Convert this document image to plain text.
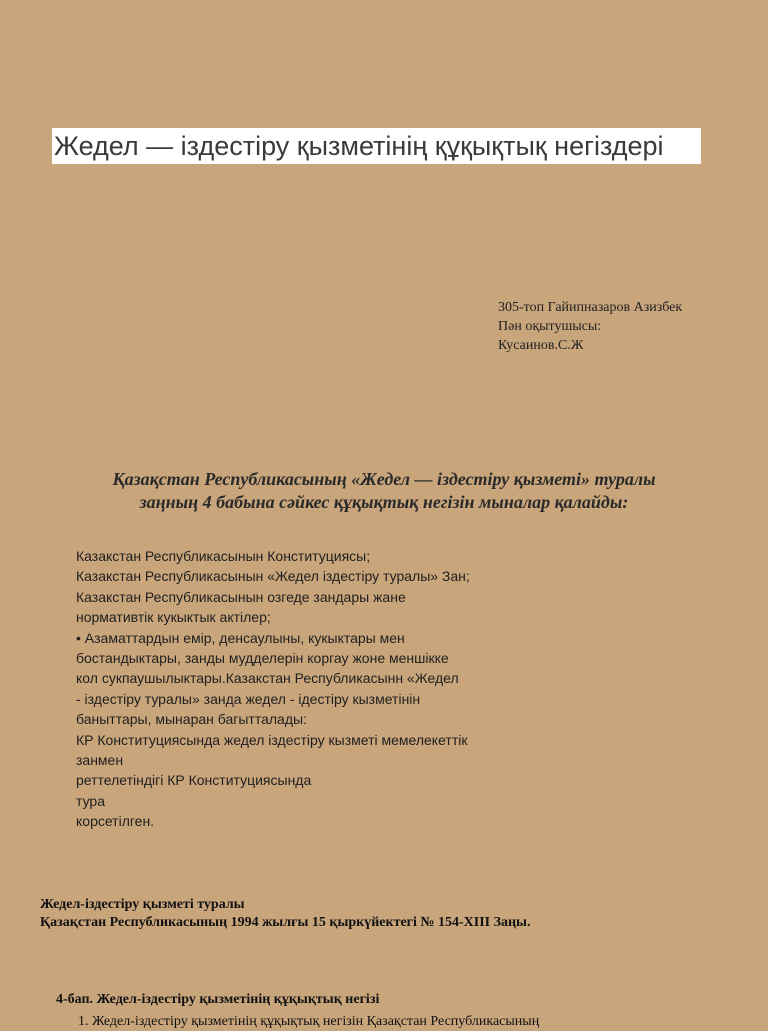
Жедел — іздестіру қызметінің құқықтық негіздері
305-топ Гайипназаров Азизбек
Пән оқытушысы:
Кусаинов.С.Ж
Қазақстан Республикасының «Жедел — іздестіру қызметі» туралы
заңның 4 бабына сәйкес құқықтық негізін мыналар қалайды:
Казакстан Республикасынын Конституциясы;
Казакстан Республикасынын «Жедел іздестіру туралы» Зан;
Казакстан Республикасынын озгеде зандары жане
нормативтік кукыктык актілер;
• Азаматтардын емір, денсаулыны, кукыктары мен
бостандыктары, занды мудделерін коргау жоне меншікке
кол сукпаушылыктары.Казакстан Республикасынн «Жедел
- іздестіру туралы» занда жедел - ідестіру кызметінін
баныттары, мынаран багытталады:
КР Конституциясында жедел іздестіру кызметі мемелекеттік
занмен
реттелетіндігі КР Конституциясында
тура
корсетілген.
Жедел-іздестіру қызметі туралы
Қазақстан Республикасының 1994 жылғы 15 қыркүйектегі № 154-XIII Заңы.
4-бап. Жедел-іздестіру қызметінің құқықтық негізі
1. Жедел-іздестіру қызметінің құқықтық негізін Қазақстан Республикасының
